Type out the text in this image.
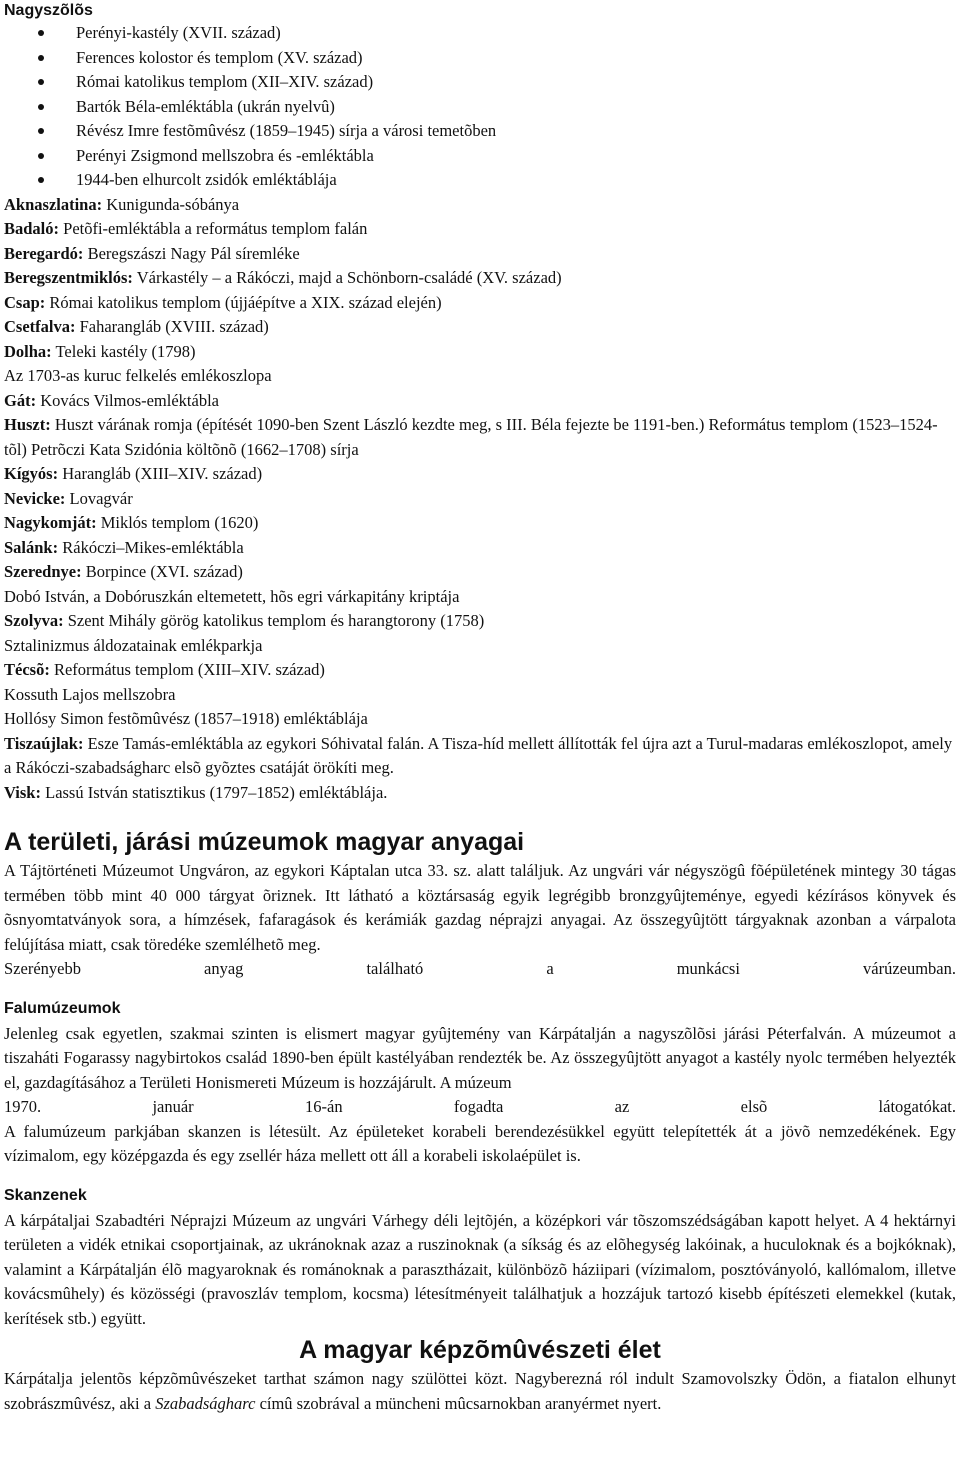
Nagyszõlõs
Perényi-kastély (XVII. század)
Ferences kolostor és templom (XV. század)
Római katolikus templom (XII–XIV. század)
Bartók Béla-emléktábla (ukrán nyelvû)
Révész Imre festõmûvész (1859–1945) sírja a városi temetõben
Perényi Zsigmond mellszobra és -emléktábla
1944-ben elhurcolt zsidók emléktáblája

Aknaszlatina: Kunigunda-sóbánya

Badaló: Petõfi-emléktábla a református templom falán

Beregardó: Beregszászi Nagy Pál síremléke

Beregszentmiklós: Várkastély – a Rákóczi, majd a Schönborn-családé (XV. század)

Csap: Római katolikus templom (újjáépítve a XIX. század elején)

Csetfalva: Faharangláb (XVIII. század)

Dolha: Teleki kastély (1798)

Az 1703-as kuruc felkelés emlékoszlopa

Gát: Kovács Vilmos-emléktábla

Huszt: Huszt várának romja (építését 1090-ben Szent László kezdte meg, s III. Béla fejezte be 1191-ben.) Református templom (1523–1524-tõl) Petrõczi Kata Szidónia költõnõ (1662–1708) sírja

Kígyós: Harangláb (XIII–XIV. század)

Nevicke: Lovagvár

Nagykomját: Miklós templom (1620)

Salánk: Rákóczi–Mikes-emléktábla

Szerednye: Borpince (XVI. század)

Dobó István, a Dobóruszkán eltemetett, hõs egri várkapitány kriptája

Szolyva: Szent Mihály görög katolikus templom és harangtorony (1758)

Sztalinizmus áldozatainak emlékparkja

Técsõ: Református templom (XIII–XIV. század)

Kossuth Lajos mellszobra

Hollósy Simon festõmûvész (1857–1918) emléktáblája

Tiszaújlak: Esze Tamás-emléktábla az egykori Sóhivatal falán. A Tisza-híd mellett állították fel újra azt a Turul-madaras emlékoszlopot, amely a Rákóczi-szabadságharc elsõ gyõztes csatáját örökíti meg.

Visk: Lassú István statisztikus (1797–1852) emléktáblája.

A területi, járási múzeumok magyar anyagai

A Tájtörténeti Múzeumot Ungváron, az egykori Káptalan utca 33. sz. alatt találjuk. Az ungvári vár négyszögû fõépületének mintegy 30 tágas termében több mint 40 000 tárgyat õriznek. Itt látható a köztársaság egyik legrégibb bronzgyûjteménye, egyedi kézírásos könyvek és õsnyomtatványok sora, a hímzések, fafaragások és kerámiák gazdag néprajzi anyagai. Az összegyûjtött tárgyaknak azonban a várpalota felújítása miatt, csak töredéke szemlélhetõ meg.

Szerényebb anyag található a munkácsi várúzeumban.

Falumúzeumok

Jelenleg csak egyetlen, szakmai szinten is elismert magyar gyûjtemény van Kárpátalján a nagyszõlõsi járási Péterfalván. A múzeumot a tiszaháti Fogarassy nagybirtokos család 1890-ben épült kastélyában rendezték be. Az összegyûjtött anyagot a kastély nyolc termében helyezték el, gazdagításához a Területi Honismereti Múzeum is hozzájárult. A múzeum

1970. január 16-án fogadta az elsõ látogatókat.

A falumúzeum parkjában skanzen is létesült. Az épületeket korabeli berendezésükkel együtt telepítették át a jövõ nemzedékének. Egy vízimalom, egy középgazda és egy zsellér háza mellett ott áll a korabeli iskolaépület is.

Skanzenek

A kárpátaljai Szabadtéri Néprajzi Múzeum az ungvári Várhegy déli lejtõjén, a középkori vár tõszomszédságában kapott helyet. A 4 hektárnyi területen a vidék etnikai csoportjainak, az ukránoknak azaz a ruszinoknak (a síkság és az elõhegység lakóinak, a huculoknak és a bojkóknak), valamint a Kárpátalján élõ magyaroknak és románoknak a parasztházait, különbözõ háziipari (vízimalom, posztóványoló, kallómalom, illetve kovácsmûhely) és közösségi (pravoszláv templom, kocsma) létesítményeit találhatjuk a hozzájuk tartozó kisebb építészeti elemekkel (kutak, kerítések stb.) együtt.

A magyar képzõmûvészeti élet

Kárpátalja jelentõs képzõmûvészeket tarthat számon nagy szülöttei közt. Nagyberezná ról indult Szamovolszky Ödön, a fiatalon elhunyt szobrászmûvész, aki a Szabadságharc címû szobrával a müncheni mûcsarnokban aranyérmet nyert.
